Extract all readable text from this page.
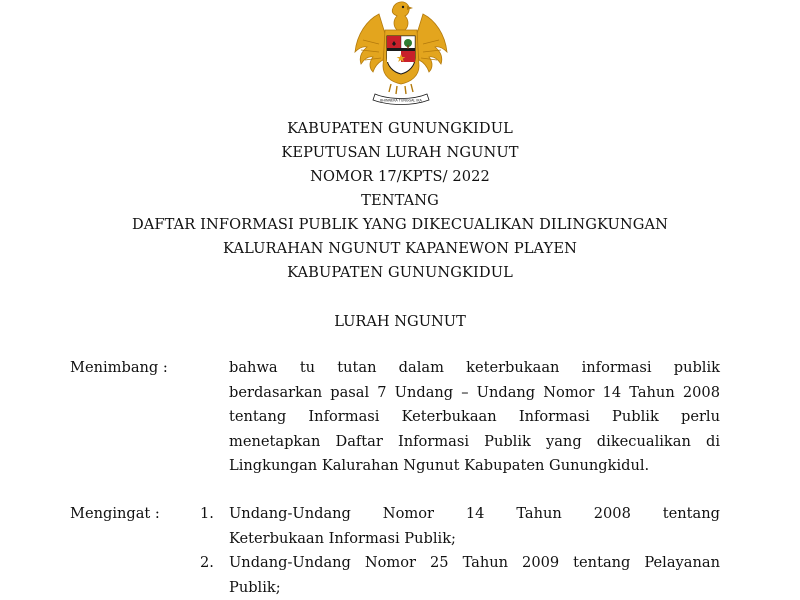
BHINNEKA TUNGGAL IKA
KABUPATEN GUNUNGKIDUL
KEPUTUSAN LURAH NGUNUT
NOMOR 17/KPTS/ 2022
TENTANG
DAFTAR INFORMASI PUBLIK YANG DIKECUALIKAN DILINGKUNGAN
KALURAHAN NGUNUT KAPANEWON PLAYEN
KABUPATEN GUNUNGKIDUL
LURAH NGUNUT
Menimbang :	bahwa tu tutan dalam keterbukaan informasi publik
berdasarkan pasal 7 Undang – Undang Nomor 14 Tahun 2008
tentang Informasi Keterbukaan Informasi Publik perlu
menetapkan Daftar Informasi Publik yang dikecualikan di
Lingkungan Kalurahan Ngunut Kabupaten Gunungkidul.
Mengingat :	1. Undang-Undang Nomor 14 Tahun 2008 tentang
Keterbukaan Informasi Publik;
2. Undang-Undang Nomor 25 Tahun 2009 tentang Pelayanan
Publik;
